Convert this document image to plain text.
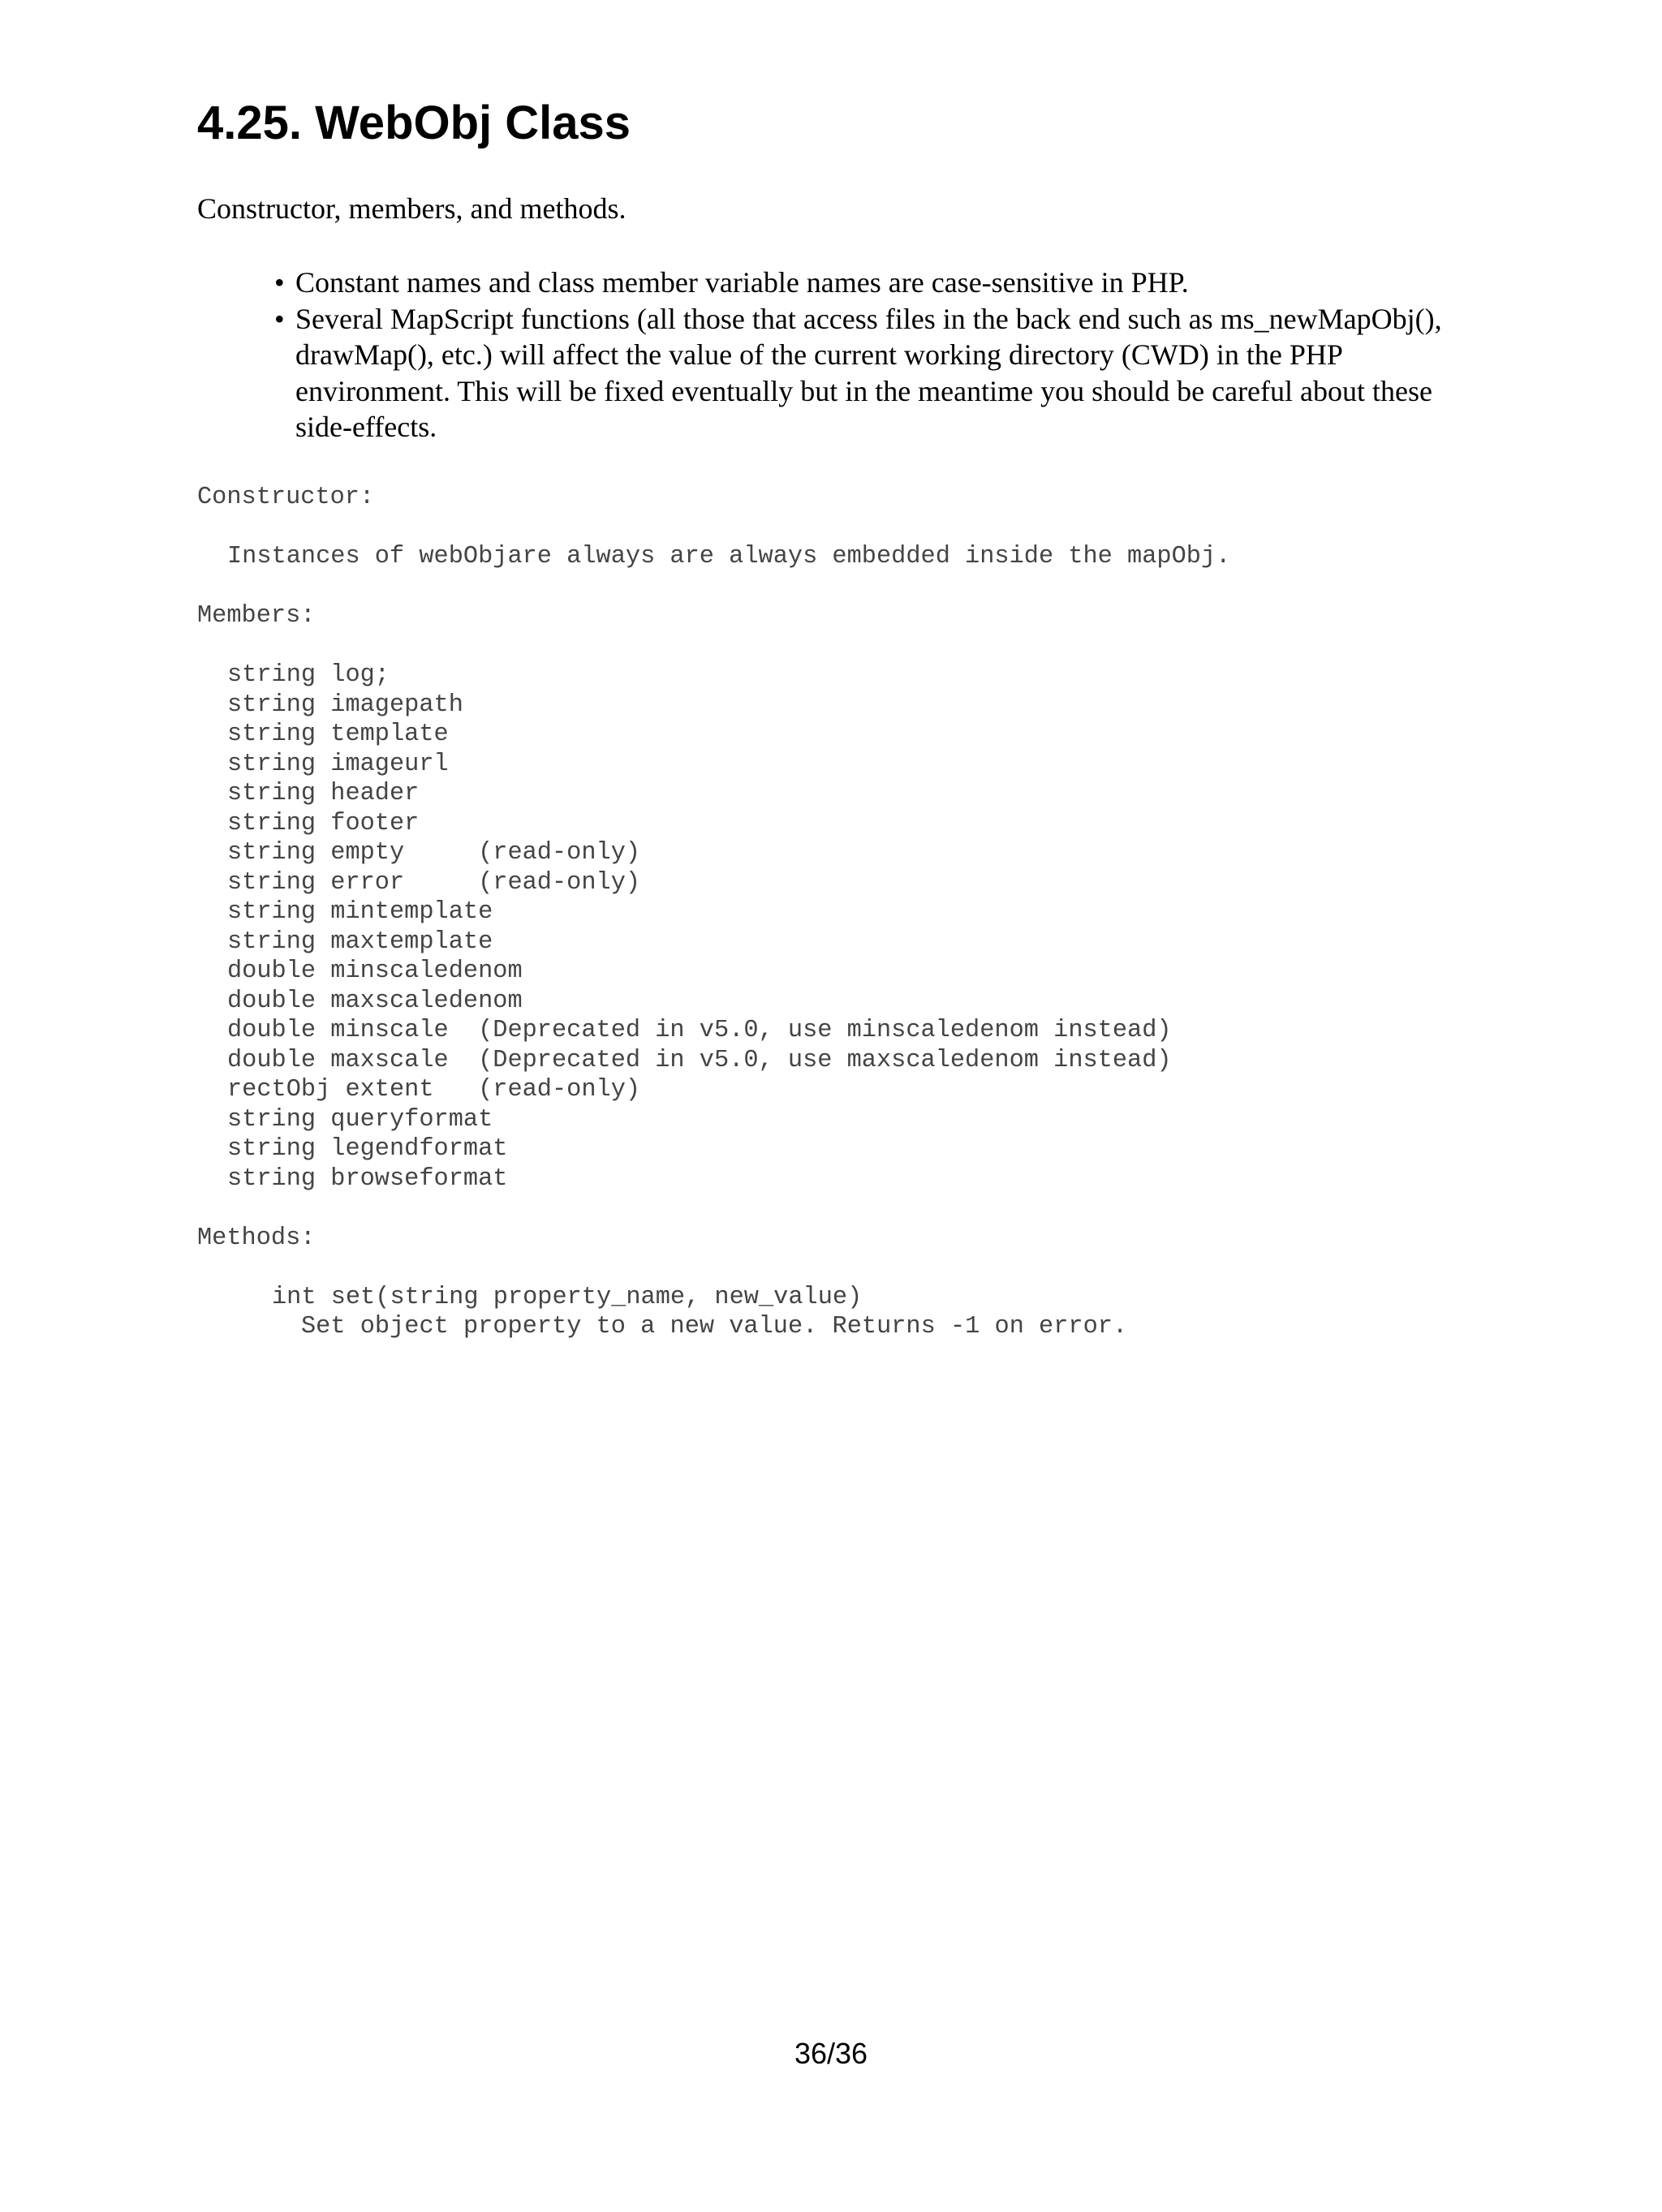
4.25. WebObj Class

Constructor, members, and methods.

• Constant names and class member variable names are case-sensitive in PHP.
• Several MapScript functions (all those that access files in the back end such as ms_newMapObj(), drawMap(), etc.) will affect the value of the current working directory (CWD) in the PHP environment. This will be fixed eventually but in the meantime you should be careful about these side-effects.
Constructor:
Instances of webObjare always are always embedded inside the mapObj.
Members:
string log;
string imagepath
string template
string imageurl
string header
string footer
string empty     (read-only)
string error     (read-only)
string mintemplate
string maxtemplate
double minscaledenom
double maxscaledenom
double minscale  (Deprecated in v5.0, use minscaledenom instead)
double maxscale  (Deprecated in v5.0, use maxscaledenom instead)
rectObj extent   (read-only)
string queryformat
string legendformat
string browseformat
Methods:
int set(string property_name, new_value)
Set object property to a new value. Returns -1 on error.
36/36
